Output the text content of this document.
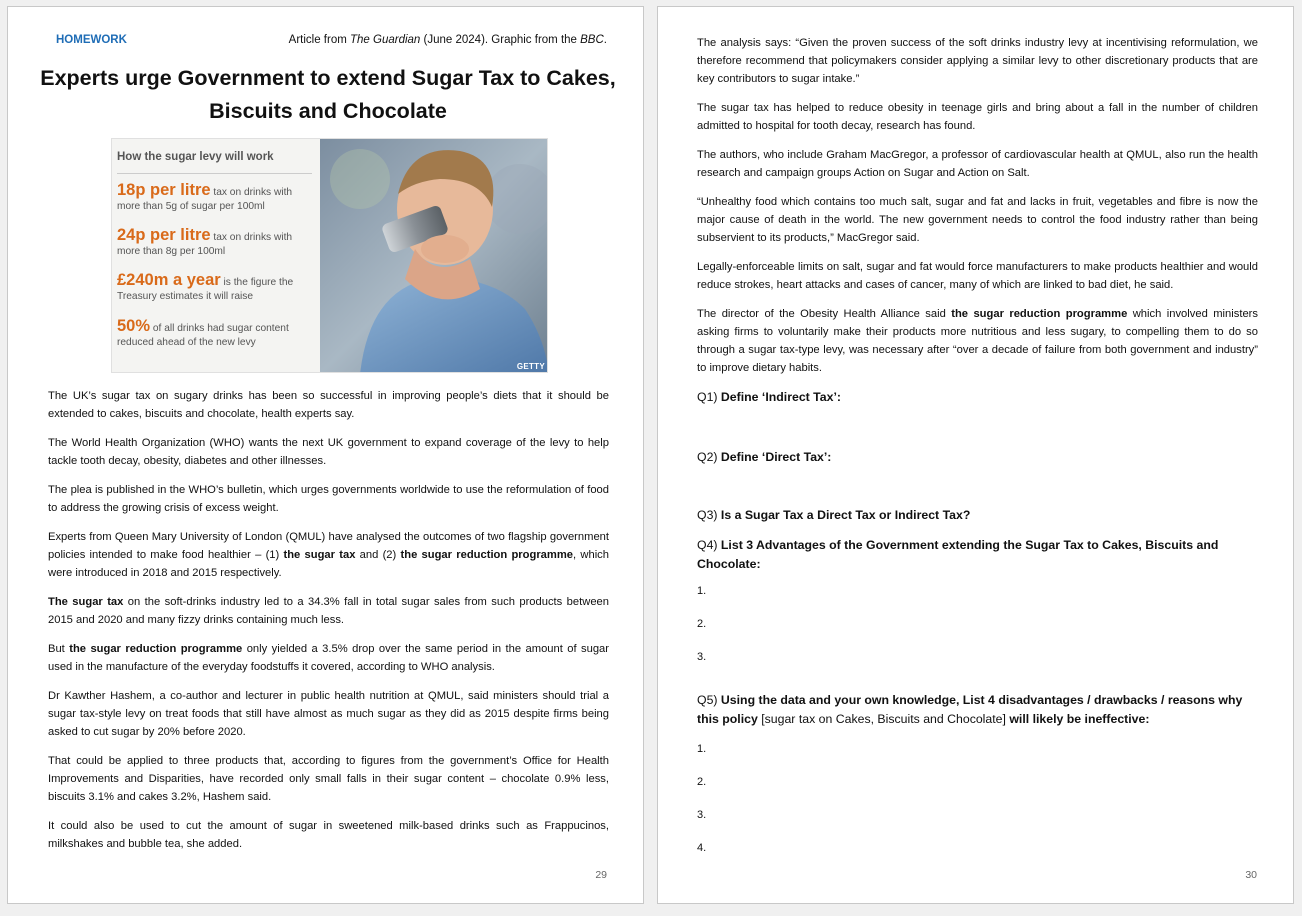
HOMEWORK	Article from The Guardian (June 2024). Graphic from the BBC.
Experts urge Government to extend Sugar Tax to Cakes, Biscuits and Chocolate
How the sugar levy will work
18p per litre tax on drinks with more than 5g of sugar per 100ml
24p per litre tax on drinks with more than 8g per 100ml
£240m a year is the figure the Treasury estimates it will raise
50% of all drinks had sugar content reduced ahead of the new levy
GETTY

The UK’s sugar tax on sugary drinks has been so successful in improving people’s diets that it should be extended to cakes, biscuits and chocolate, health experts say.

The World Health Organization (WHO) wants the next UK government to expand coverage of the levy to help tackle tooth decay, obesity, diabetes and other illnesses.

The plea is published in the WHO’s bulletin, which urges governments worldwide to use the reformulation of food to address the growing crisis of excess weight.

Experts from Queen Mary University of London (QMUL) have analysed the outcomes of two flagship government policies intended to make food healthier – (1) the sugar tax and (2) the sugar reduction programme, which were introduced in 2018 and 2015 respectively.

The sugar tax on the soft-drinks industry led to a 34.3% fall in total sugar sales from such products between 2015 and 2020 and many fizzy drinks containing much less.

But the sugar reduction programme only yielded a 3.5% drop over the same period in the amount of sugar used in the manufacture of the everyday foodstuffs it covered, according to WHO analysis.

Dr Kawther Hashem, a co-author and lecturer in public health nutrition at QMUL, said ministers should trial a sugar tax-style levy on treat foods that still have almost as much sugar as they did as 2015 despite firms being asked to cut sugar by 20% before 2020.

That could be applied to three products that, according to figures from the government’s Office for Health Improvements and Disparities, have recorded only small falls in their sugar content – chocolate 0.9% less, biscuits 3.1% and cakes 3.2%, Hashem said.

It could also be used to cut the amount of sugar in sweetened milk-based drinks such as Frappucinos, milkshakes and bubble tea, she added.

29

The analysis says: “Given the proven success of the soft drinks industry levy at incentivising reformulation, we therefore recommend that policymakers consider applying a similar levy to other discretionary products that are key contributors to sugar intake.”

The sugar tax has helped to reduce obesity in teenage girls and bring about a fall in the number of children admitted to hospital for tooth decay, research has found.

The authors, who include Graham MacGregor, a professor of cardiovascular health at QMUL, also run the health research and campaign groups Action on Sugar and Action on Salt.

“Unhealthy food which contains too much salt, sugar and fat and lacks in fruit, vegetables and fibre is now the major cause of death in the world. The new government needs to control the food industry rather than being subservient to its products,” MacGregor said.

Legally-enforceable limits on salt, sugar and fat would force manufacturers to make products healthier and would reduce strokes, heart attacks and cases of cancer, many of which are linked to bad diet, he said.

The director of the Obesity Health Alliance said the sugar reduction programme which involved ministers asking firms to voluntarily make their products more nutritious and less sugary, to compelling them to do so through a sugar tax-type levy, was necessary after “over a decade of failure from both government and industry” to improve dietary habits.

Q1) Define ‘Indirect Tax’:

Q2) Define ‘Direct Tax’:

Q3) Is a Sugar Tax a Direct Tax or Indirect Tax?

Q4) List 3 Advantages of the Government extending the Sugar Tax to Cakes, Biscuits and Chocolate:

1.

2.

3.

Q5) Using the data and your own knowledge, List 4 disadvantages / drawbacks / reasons why this policy [sugar tax on Cakes, Biscuits and Chocolate] will likely be ineffective:

1.

2.

3.

4.

30
